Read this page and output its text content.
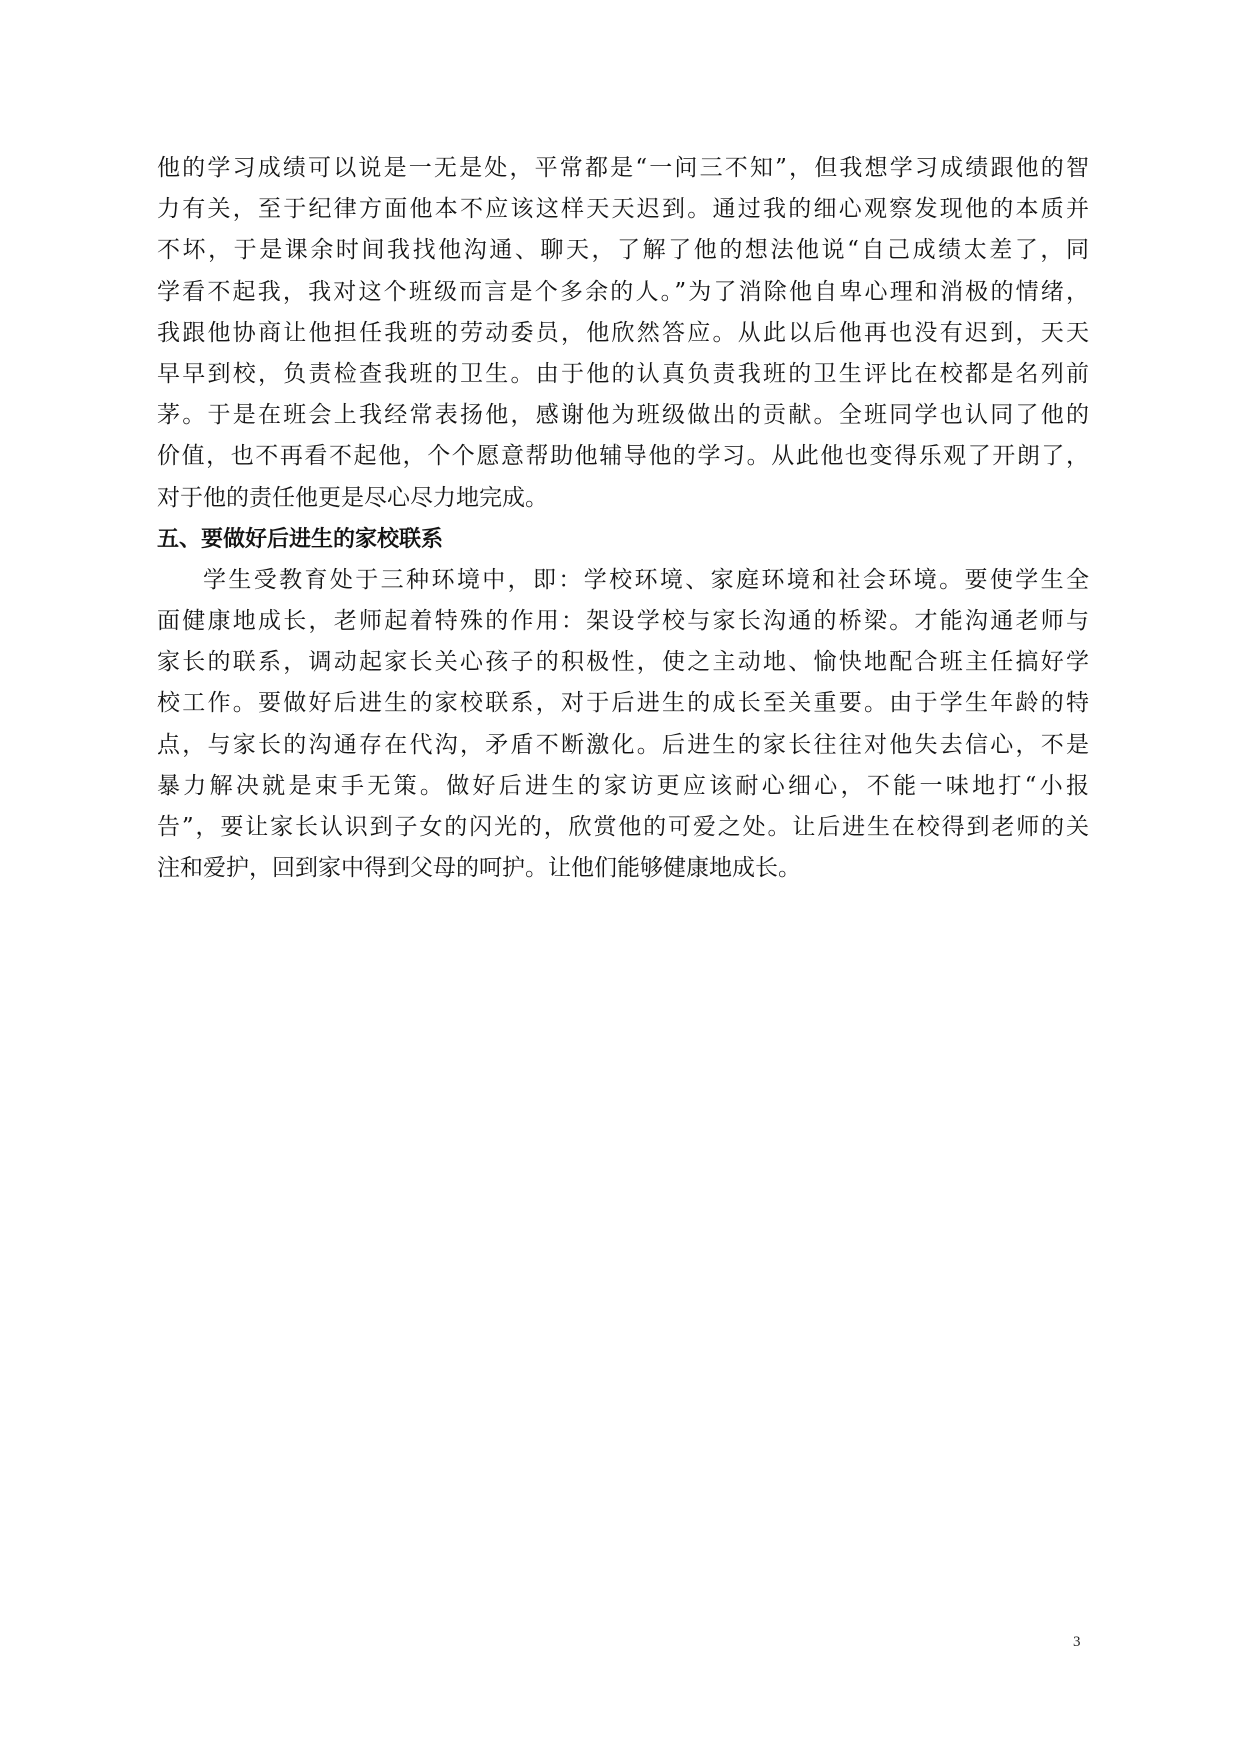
他的学习成绩可以说是一无是处，平常都是“一问三不知”，但我想学习成绩跟他的智
力有关，至于纪律方面他本不应该这样天天迟到。通过我的细心观察发现他的本质并
不坏，于是课余时间我找他沟通、聊天，了解了他的想法他说“自己成绩太差了，同
学看不起我，我对这个班级而言是个多余的人。”为了消除他自卑心理和消极的情绪，
我跟他协商让他担任我班的劳动委员，他欣然答应。从此以后他再也没有迟到，天天
早早到校，负责检查我班的卫生。由于他的认真负责我班的卫生评比在校都是名列前
茅。于是在班会上我经常表扬他，感谢他为班级做出的贡献。全班同学也认同了他的
价值，也不再看不起他，个个愿意帮助他辅导他的学习。从此他也变得乐观了开朗了，
对于他的责任他更是尽心尽力地完成。
五、要做好后进生的家校联系
学生受教育处于三种环境中，即：学校环境、家庭环境和社会环境。要使学生全
面健康地成长，老师起着特殊的作用：架设学校与家长沟通的桥梁。才能沟通老师与
家长的联系，调动起家长关心孩子的积极性，使之主动地、愉快地配合班主任搞好学
校工作。要做好后进生的家校联系，对于后进生的成长至关重要。由于学生年龄的特
点，与家长的沟通存在代沟，矛盾不断激化。后进生的家长往往对他失去信心，不是
暴力解决就是束手无策。做好后进生的家访更应该耐心细心，不能一味地打“小报
告”，要让家长认识到子女的闪光的，欣赏他的可爱之处。让后进生在校得到老师的关
注和爱护，回到家中得到父母的呵护。让他们能够健康地成长。
3
